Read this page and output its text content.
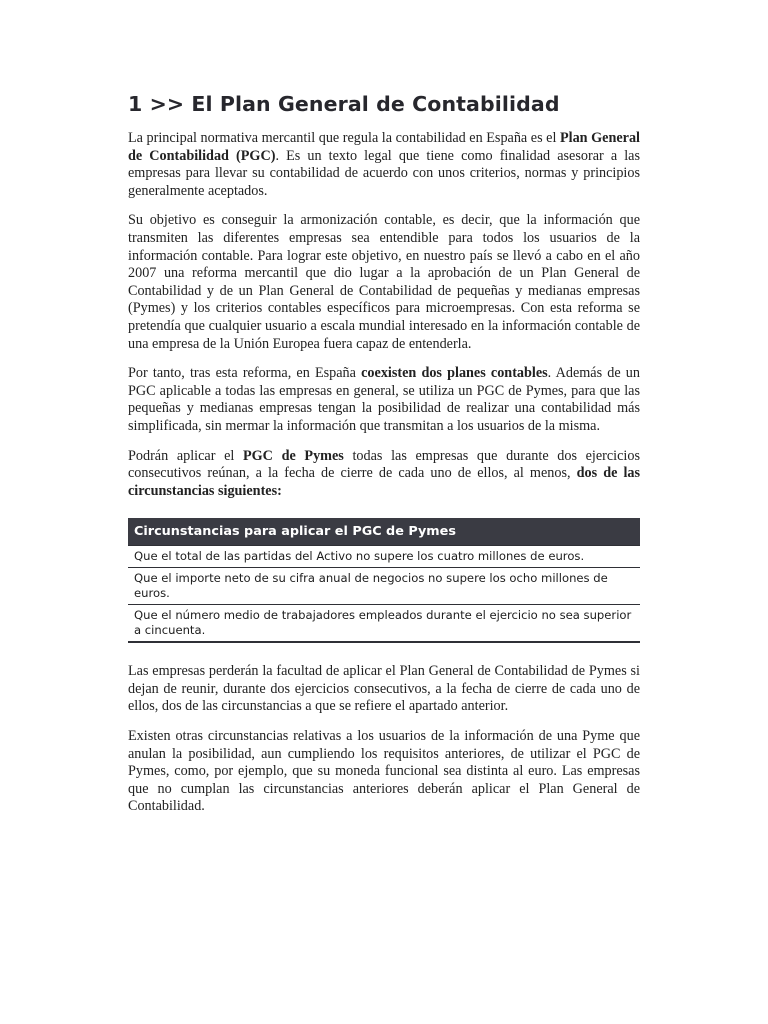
1 >> El Plan General de Contabilidad

La principal normativa mercantil que regula la contabilidad en España es el Plan General de Contabilidad (PGC). Es un texto legal que tiene como finalidad asesorar a las empresas para llevar su contabilidad de acuerdo con unos criterios, normas y principios generalmente aceptados.

Su objetivo es conseguir la armonización contable, es decir, que la información que transmiten las diferentes empresas sea entendible para todos los usuarios de la información contable. Para lograr este objetivo, en nuestro país se llevó a cabo en el año 2007 una reforma mercantil que dio lugar a la aprobación de un Plan General de Contabilidad y de un Plan General de Contabilidad de pequeñas y medianas empresas (Pymes) y los criterios contables específicos para microempresas. Con esta reforma se pretendía que cualquier usuario a escala mundial interesado en la información contable de una empresa de la Unión Europea fuera capaz de entenderla.

Por tanto, tras esta reforma, en España coexisten dos planes contables. Además de un PGC aplicable a todas las empresas en general, se utiliza un PGC de Pymes, para que las pequeñas y medianas empresas tengan la posibilidad de realizar una contabilidad más simplificada, sin mermar la información que transmitan a los usuarios de la misma.

Podrán aplicar el PGC de Pymes todas las empresas que durante dos ejercicios consecutivos reúnan, a la fecha de cierre de cada uno de ellos, al menos, dos de las circunstancias siguientes:

Circunstancias para aplicar el PGC de Pymes
Que el total de las partidas del Activo no supere los cuatro millones de euros.
Que el importe neto de su cifra anual de negocios no supere los ocho millones de euros.
Que el número medio de trabajadores empleados durante el ejercicio no sea superior a cincuenta.

Las empresas perderán la facultad de aplicar el Plan General de Contabilidad de Pymes si dejan de reunir, durante dos ejercicios consecutivos, a la fecha de cierre de cada uno de ellos, dos de las circunstancias a que se refiere el apartado anterior.

Existen otras circunstancias relativas a los usuarios de la información de una Pyme que anulan la posibilidad, aun cumpliendo los requisitos anteriores, de utilizar el PGC de Pymes, como, por ejemplo, que su moneda funcional sea distinta al euro. Las empresas que no cumplan las circunstancias anteriores deberán aplicar el Plan General de Contabilidad.
